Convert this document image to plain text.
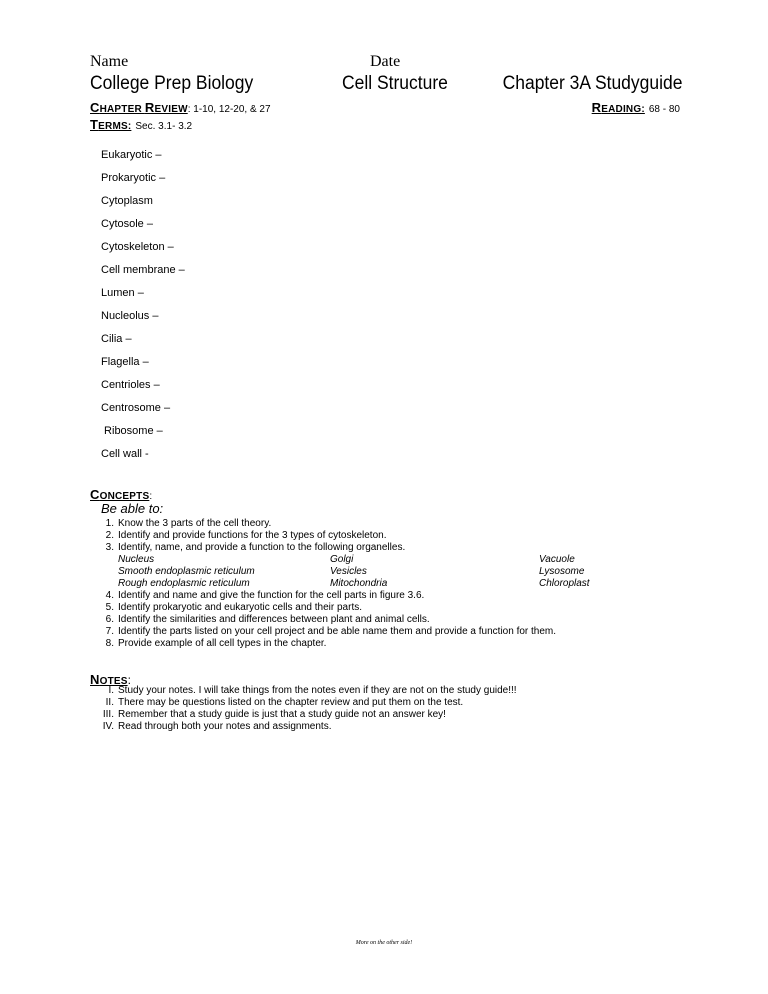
Name	Date
College Prep Biology	Cell Structure	Chapter 3A Studyguide
CHAPTER REVIEW: 1-10, 12-20, & 27	READING: 68 - 80
TERMS: Sec. 3.1- 3.2
Eukaryotic –
Prokaryotic –
Cytoplasm
Cytosole –
Cytoskeleton –
Cell membrane –
Lumen –
Nucleolus –
Cilia –
Flagella –
Centrioles –
Centrosome –
Ribosome –
Cell wall -
CONCEPTS:
Be able to:
1. Know the 3 parts of the cell theory.
2. Identify and provide functions for the 3 types of cytoskeleton.
3. Identify, name, and provide a function to the following organelles.
Nucleus	Golgi	Vacuole
Smooth endoplasmic reticulum	Vesicles	Lysosome
Rough endoplasmic reticulum	Mitochondria	Chloroplast
4. Identify and name and give the function for the cell parts in figure 3.6.
5. Identify prokaryotic and eukaryotic cells and their parts.
6. Identify the similarities and differences between plant and animal cells.
7. Identify the parts listed on your cell project and be able name them and provide a function for them.
8. Provide example of all cell types in the chapter.
NOTES:
I. Study your notes. I will take things from the notes even if they are not on the study guide!!!
II. There may be questions listed on the chapter review and put them on the test.
III. Remember that a study guide is just that a study guide not an answer key!
IV. Read through both your notes and assignments.
More on the other side!
